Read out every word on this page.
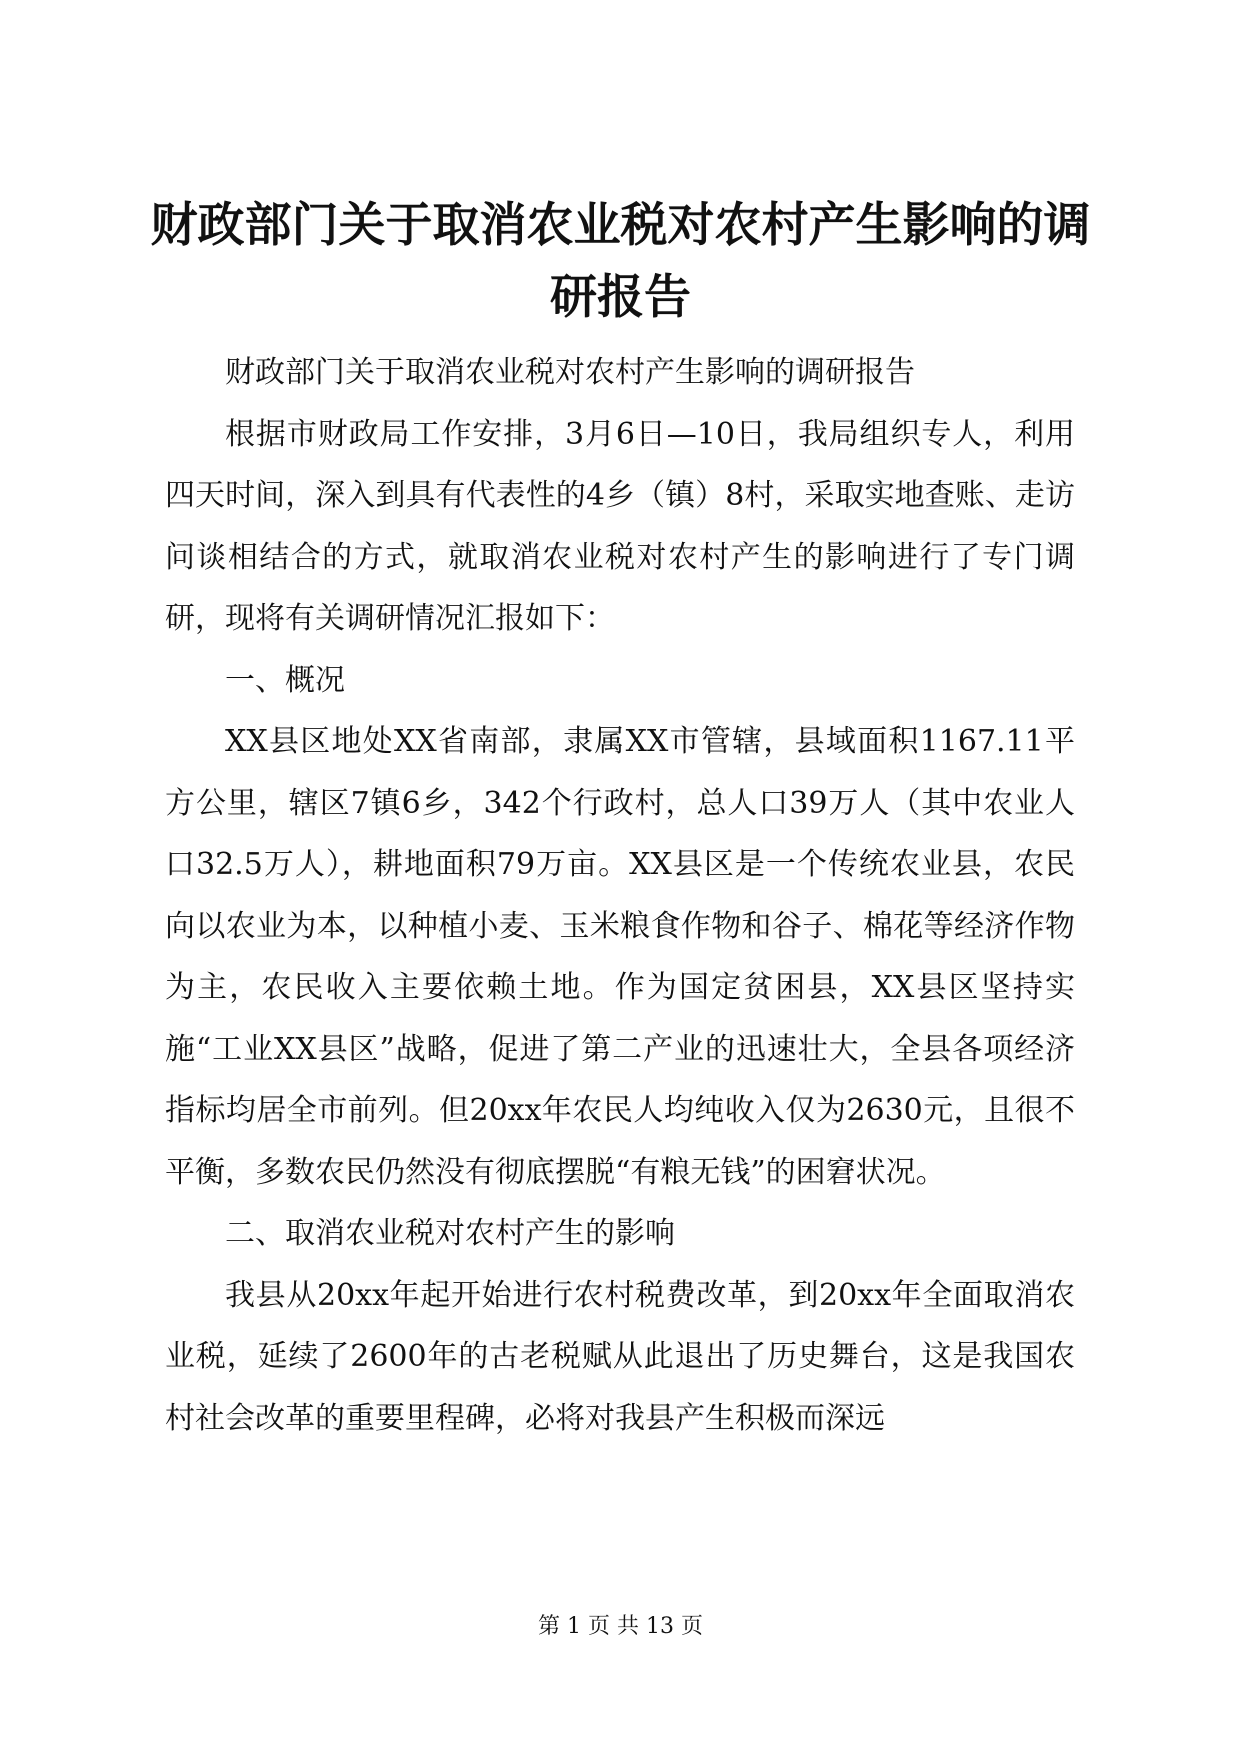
财政部门关于取消农业税对农村产生影响的调研报告

财政部门关于取消农业税对农村产生影响的调研报告

根据市财政局工作安排，3月6日—10日，我局组织专人，利用四天时间，深入到具有代表性的4乡（镇）8村，采取实地查账、走访问谈相结合的方式，就取消农业税对农村产生的影响进行了专门调研，现将有关调研情况汇报如下：

一、概况

XX县区地处XX省南部，隶属XX市管辖，县域面积1167.11平方公里，辖区7镇6乡，342个行政村，总人口39万人（其中农业人口32.5万人），耕地面积79万亩。XX县区是一个传统农业县，农民向以农业为本，以种植小麦、玉米粮食作物和谷子、棉花等经济作物为主，农民收入主要依赖土地。作为国定贫困县，XX县区坚持实施“工业XX县区”战略，促进了第二产业的迅速壮大，全县各项经济指标均居全市前列。但20xx年农民人均纯收入仅为2630元，且很不平衡，多数农民仍然没有彻底摆脱“有粮无钱”的困窘状况。

二、取消农业税对农村产生的影响

我县从20xx年起开始进行农村税费改革，到20xx年全面取消农业税，延续了2600年的古老税赋从此退出了历史舞台，这是我国农村社会改革的重要里程碑，必将对我县产生积极而深远

第 1 页 共 13 页
